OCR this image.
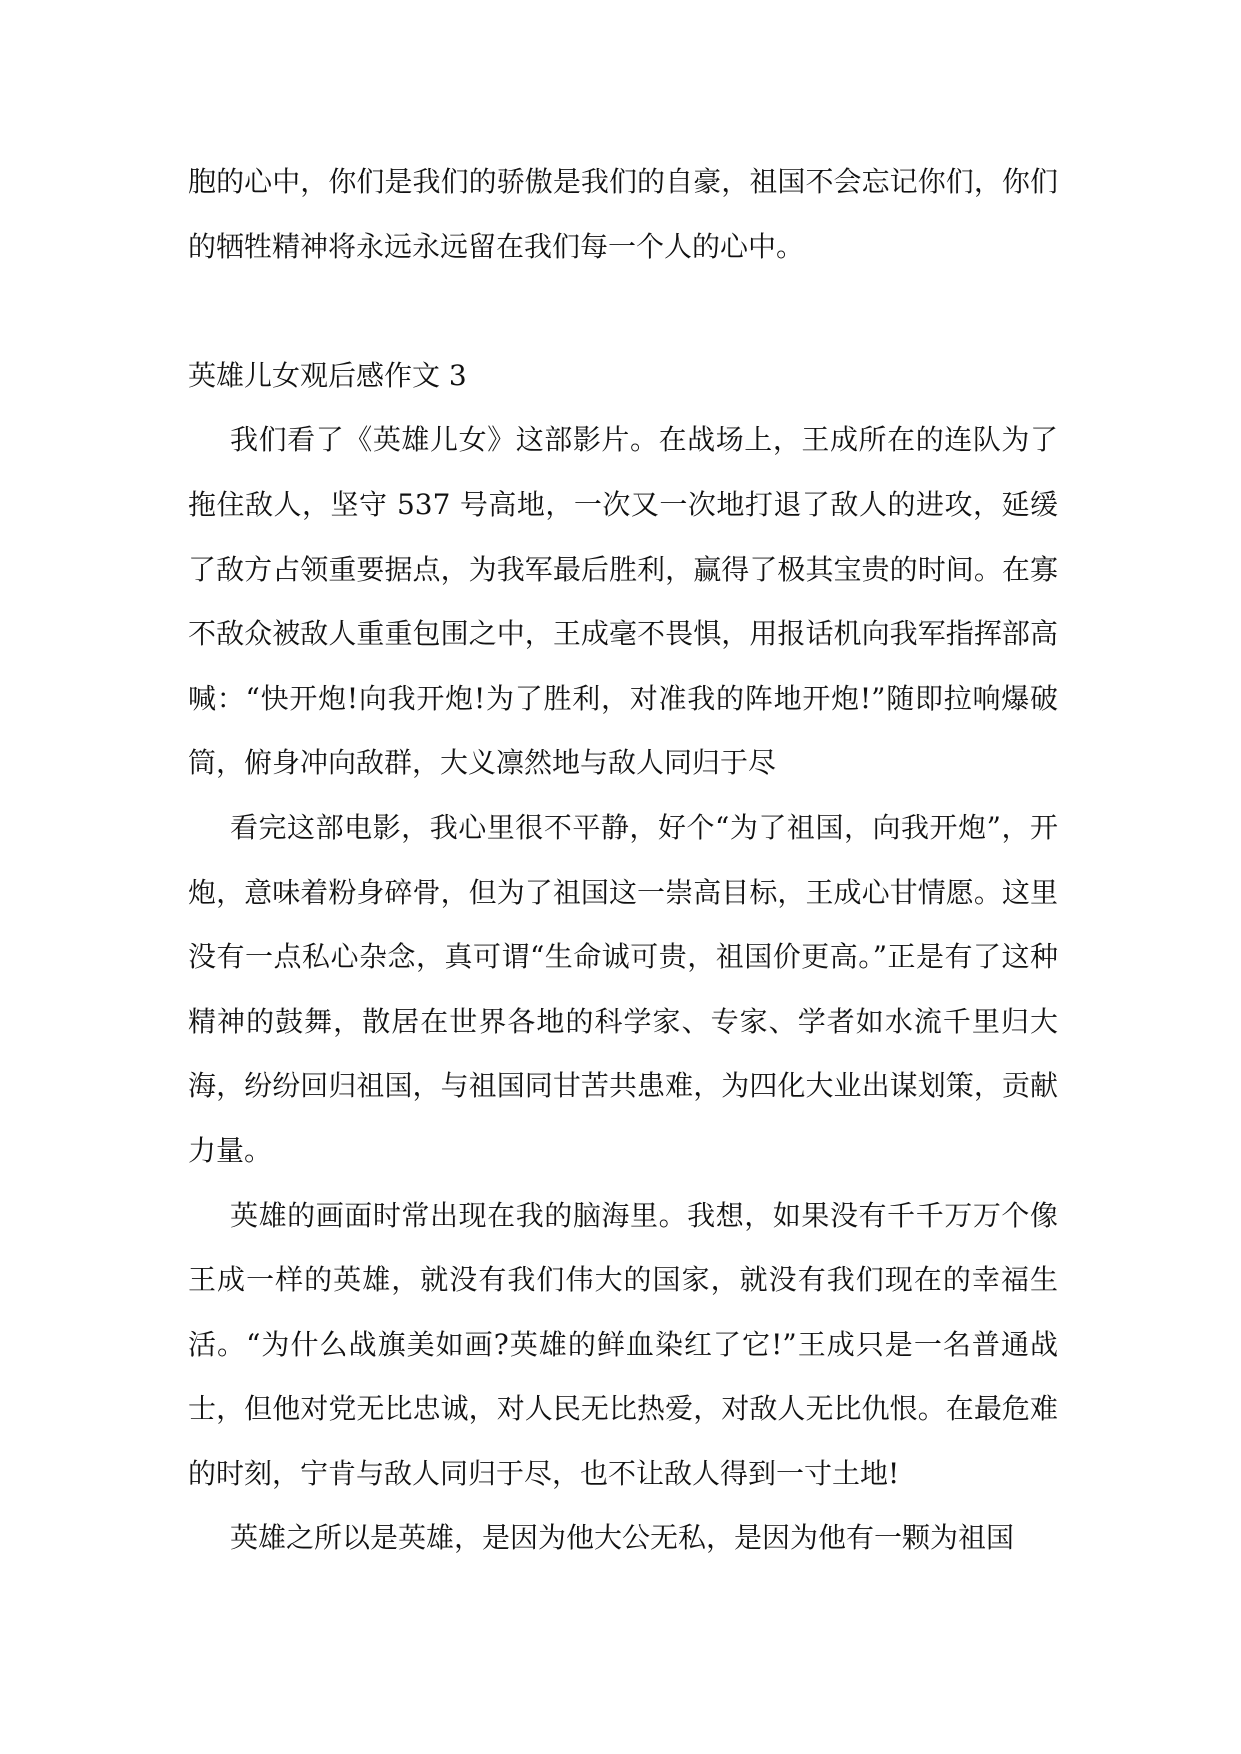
胞的心中，你们是我们的骄傲是我们的自豪，祖国不会忘记你们，你们的牺牲精神将永远永远留在我们每一个人的心中。

英雄儿女观后感作文 3

我们看了《英雄儿女》这部影片。在战场上，王成所在的连队为了拖住敌人，坚守 537 号高地，一次又一次地打退了敌人的进攻，延缓了敌方占领重要据点，为我军最后胜利，赢得了极其宝贵的时间。在寡不敌众被敌人重重包围之中，王成毫不畏惧，用报话机向我军指挥部高喊：“快开炮!向我开炮!为了胜利，对准我的阵地开炮!”随即拉响爆破筒，俯身冲向敌群，大义凛然地与敌人同归于尽

看完这部电影，我心里很不平静，好个“为了祖国，向我开炮”，开炮，意味着粉身碎骨，但为了祖国这一崇高目标，王成心甘情愿。这里没有一点私心杂念，真可谓“生命诚可贵，祖国价更高。”正是有了这种精神的鼓舞，散居在世界各地的科学家、专家、学者如水流千里归大海，纷纷回归祖国，与祖国同甘苦共患难，为四化大业出谋划策，贡献力量。

英雄的画面时常出现在我的脑海里。我想，如果没有千千万万个像王成一样的英雄，就没有我们伟大的国家，就没有我们现在的幸福生活。“为什么战旗美如画?英雄的鲜血染红了它!”王成只是一名普通战士，但他对党无比忠诚，对人民无比热爱，对敌人无比仇恨。在最危难的时刻，宁肯与敌人同归于尽，也不让敌人得到一寸土地!

英雄之所以是英雄，是因为他大公无私，是因为他有一颗为祖国
